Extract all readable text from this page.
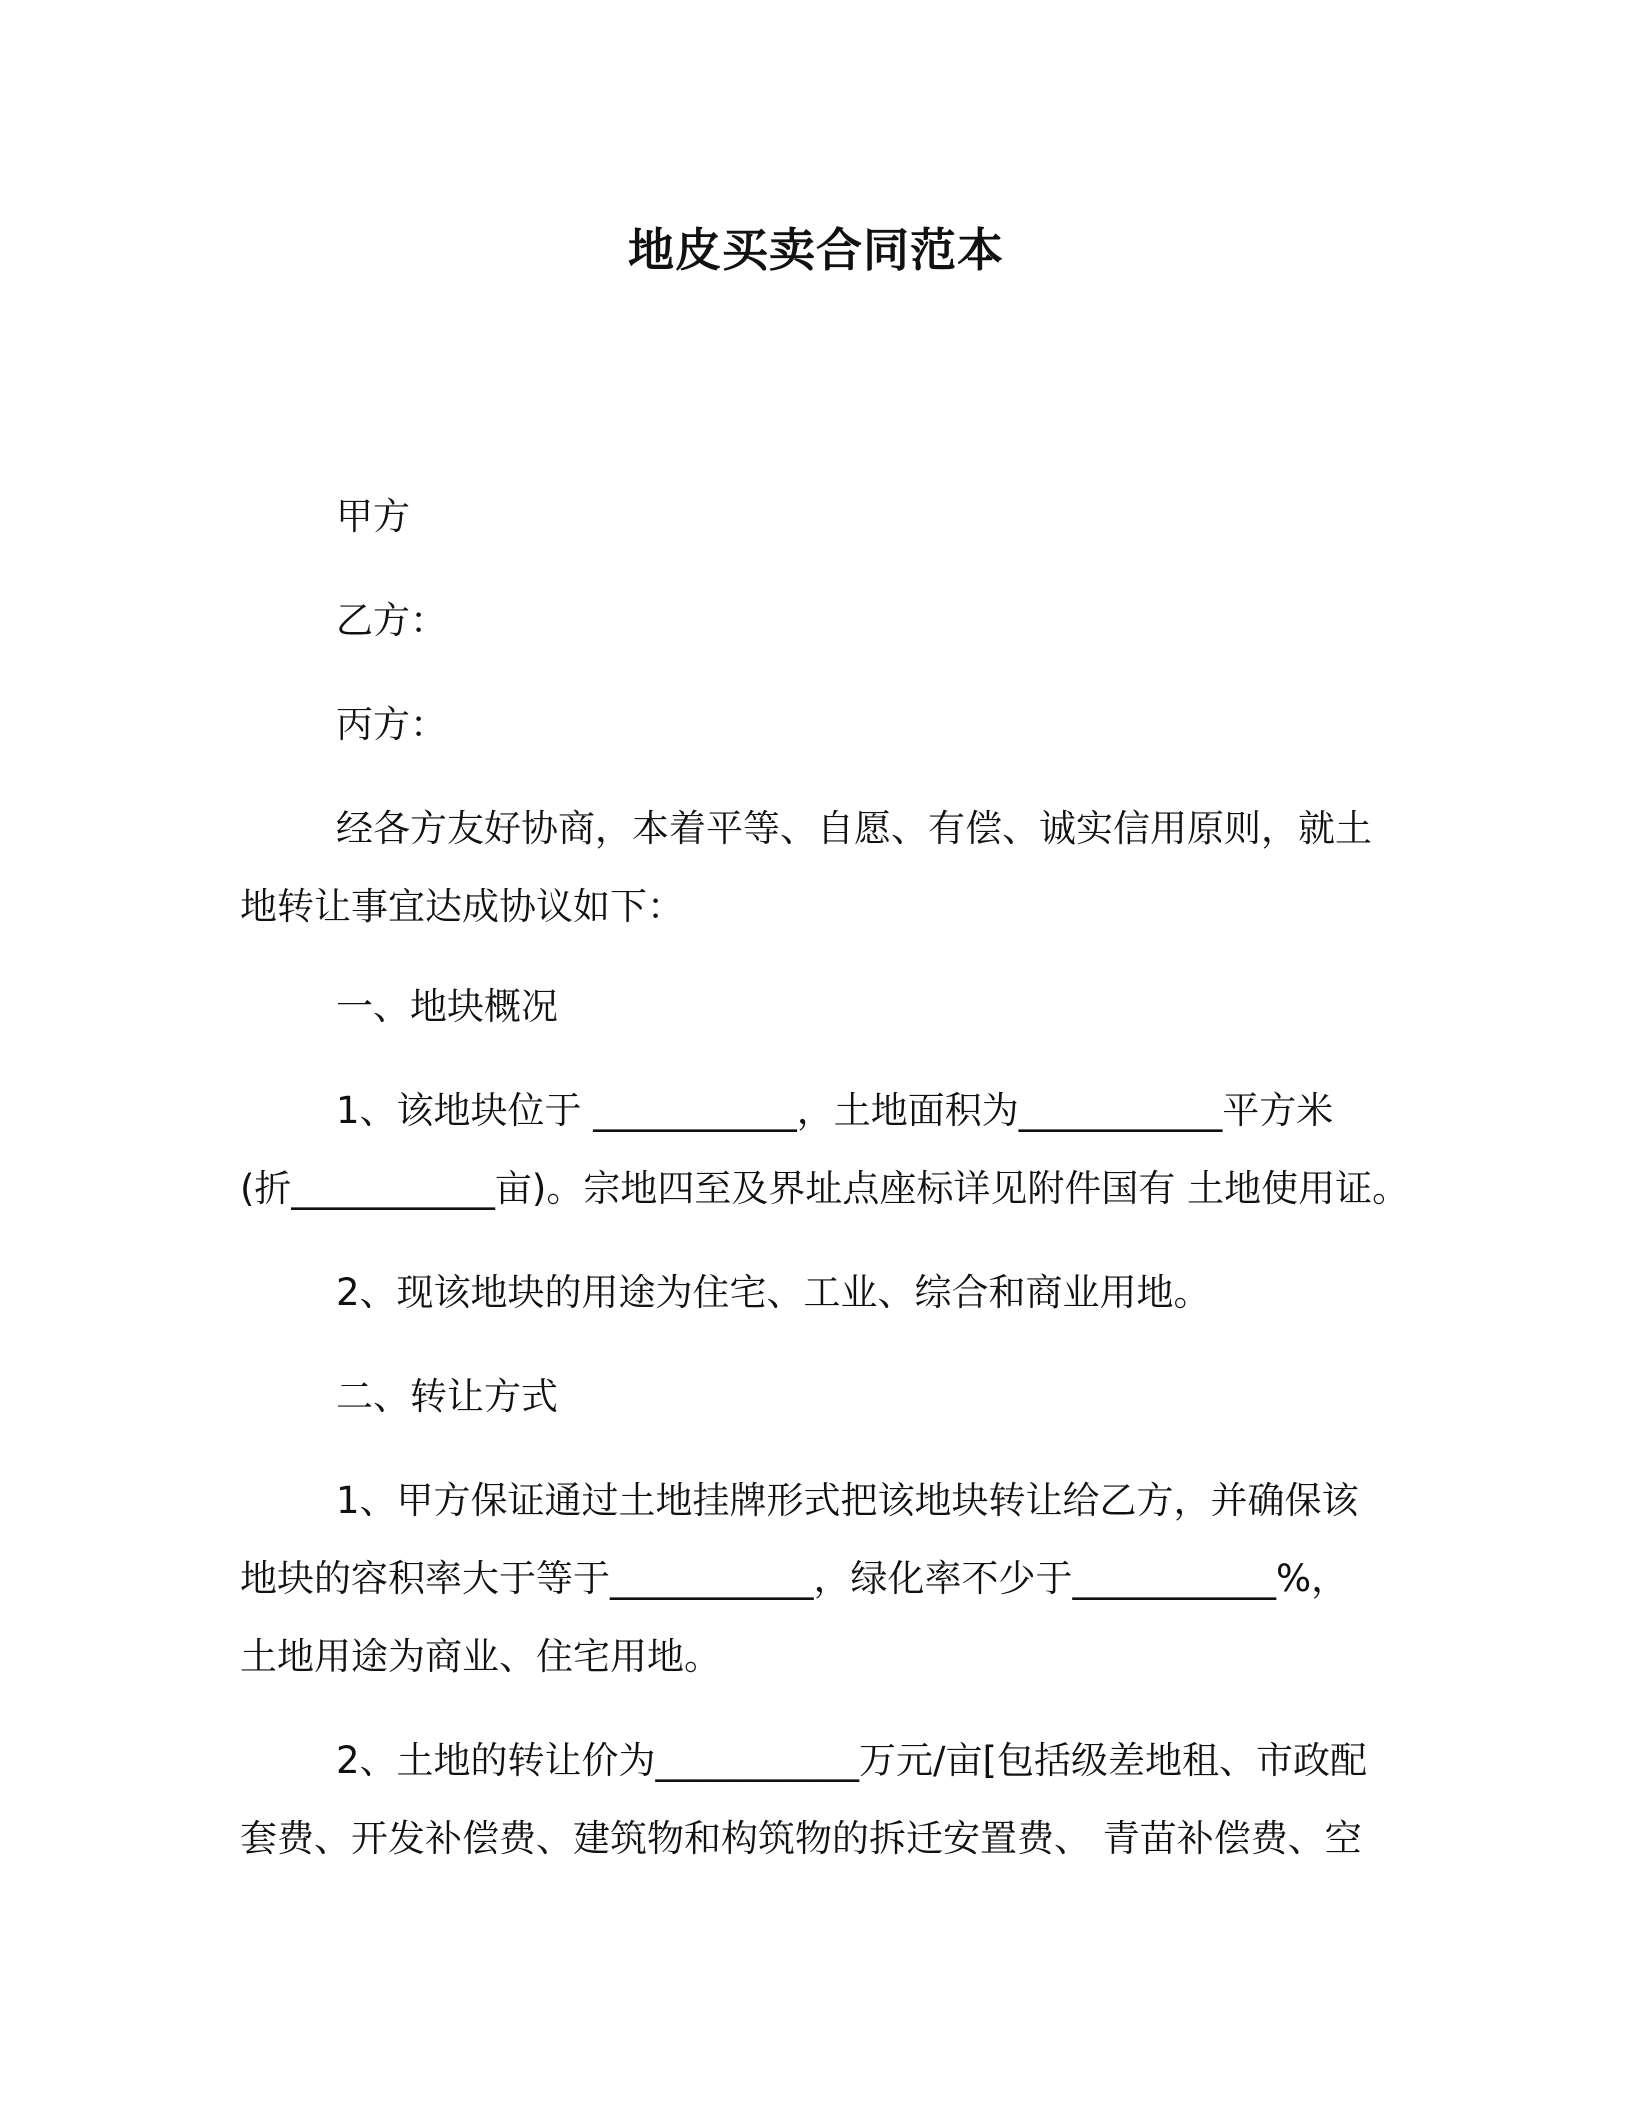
地皮买卖合同范本
甲方
乙方：
丙方：
经各方友好协商，本着平等、自愿、有偿、诚实信用原则，就土
地转让事宜达成协议如下：
一、地块概况
1、该地块位于 ___________，土地面积为___________平方米
(折___________亩)。宗地四至及界址点座标详见附件国有 土地使用证。
2、现该地块的用途为住宅、工业、综合和商业用地。
二、转让方式
1、甲方保证通过土地挂牌形式把该地块转让给乙方，并确保该
地块的容积率大于等于___________，绿化率不少于___________%，
土地用途为商业、住宅用地。
2、土地的转让价为___________万元/亩[包括级差地租、市政配
套费、开发补偿费、建筑物和构筑物的拆迁安置费、 青苗补偿费、空
